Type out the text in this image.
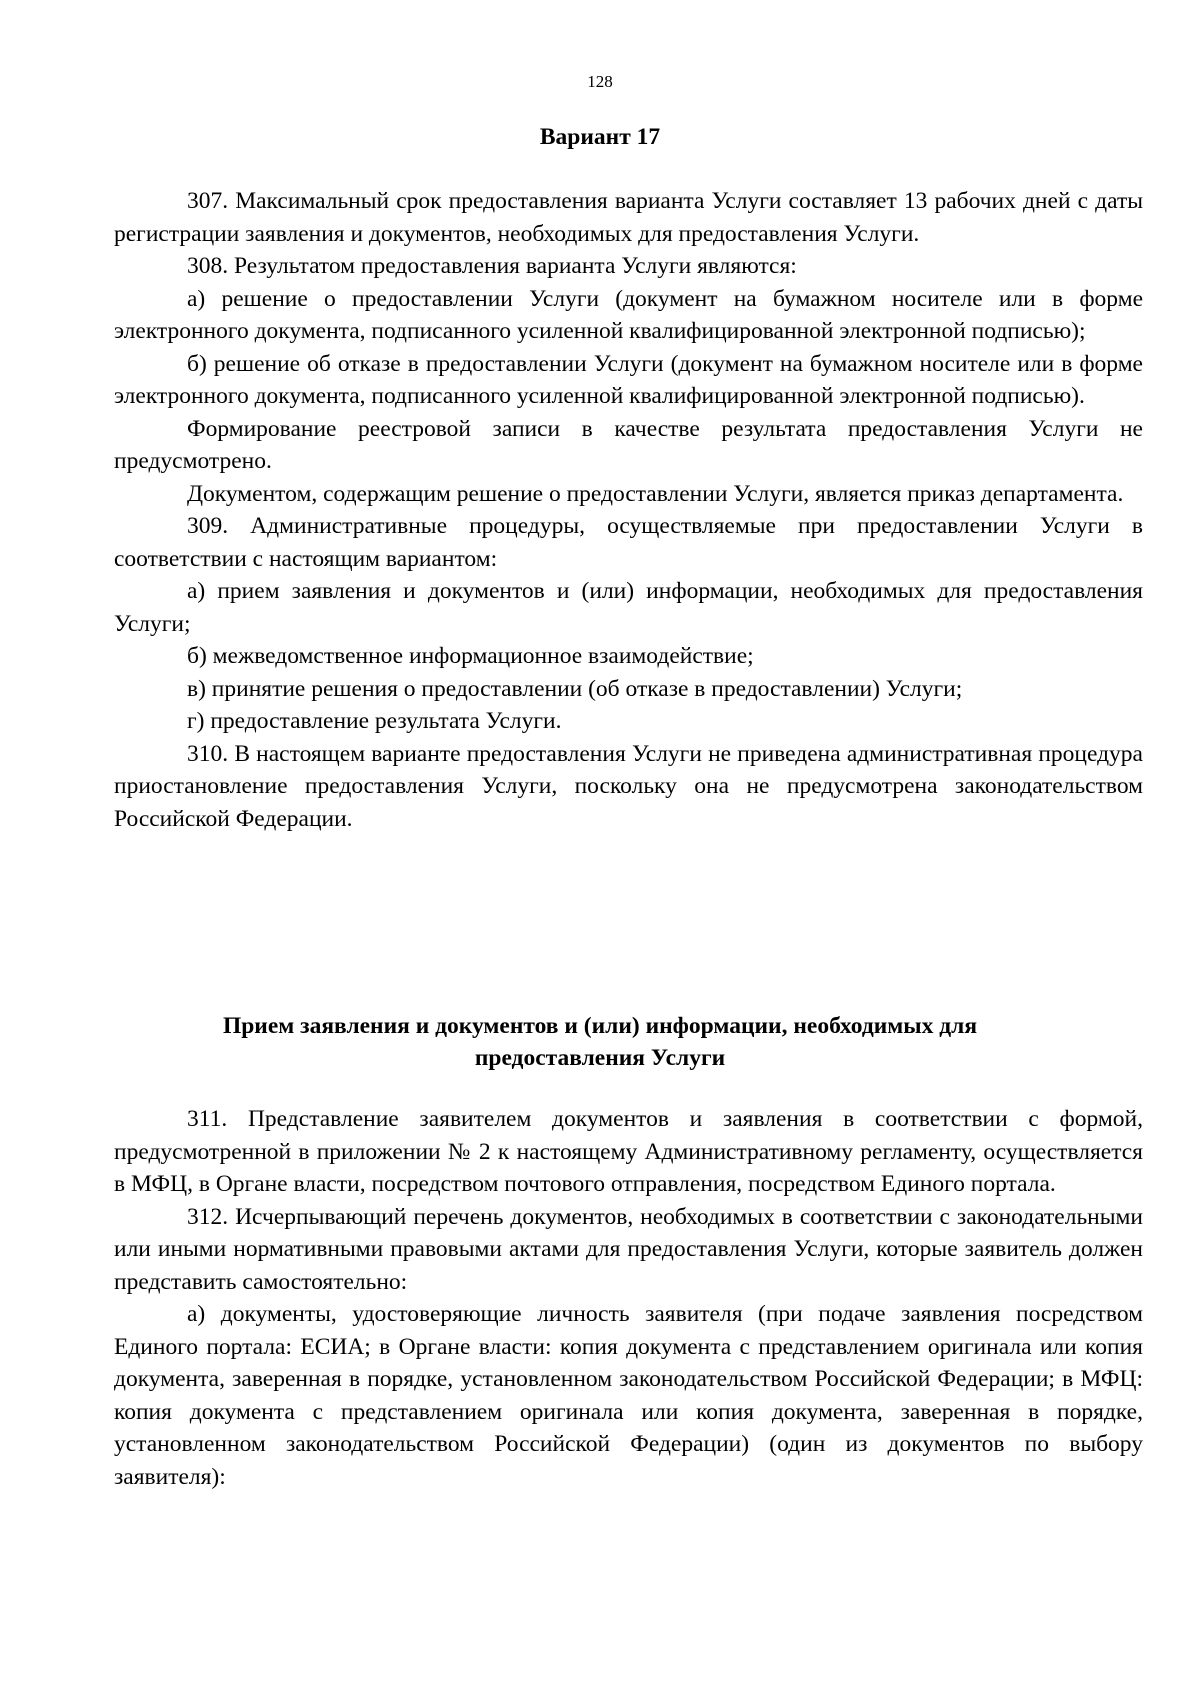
128
Вариант 17

307. Максимальный срок предоставления варианта Услуги составляет 13 рабочих дней с даты регистрации заявления и документов, необходимых для предоставления Услуги.

308. Результатом предоставления варианта Услуги являются:

а) решение о предоставлении Услуги (документ на бумажном носителе или в форме электронного документа, подписанного усиленной квалифицированной электронной подписью);

б) решение об отказе в предоставлении Услуги (документ на бумажном носителе или в форме электронного документа, подписанного усиленной квалифицированной электронной подписью).

Формирование реестровой записи в качестве результата предоставления Услуги не предусмотрено.

Документом, содержащим решение о предоставлении Услуги, является приказ департамента.

309. Административные процедуры, осуществляемые при предоставлении Услуги в соответствии с настоящим вариантом:

а) прием заявления и документов и (или) информации, необходимых для предоставления Услуги;

б) межведомственное информационное взаимодействие;

в) принятие решения о предоставлении (об отказе в предоставлении) Услуги;

г) предоставление результата Услуги.

310. В настоящем варианте предоставления Услуги не приведена административная процедура приостановление предоставления Услуги, поскольку она не предусмотрена законодательством Российской Федерации.

Прием заявления и документов и (или) информации, необходимых для
предоставления Услуги

311. Представление заявителем документов и заявления в соответствии с формой, предусмотренной в приложении № 2 к настоящему Административному регламенту, осуществляется в МФЦ, в Органе власти, посредством почтового отправления, посредством Единого портала.

312. Исчерпывающий перечень документов, необходимых в соответствии с законодательными или иными нормативными правовыми актами для предоставления Услуги, которые заявитель должен представить самостоятельно:

а) документы, удостоверяющие личность заявителя (при подаче заявления посредством Единого портала: ЕСИА; в Органе власти: копия документа с представлением оригинала или копия документа, заверенная в порядке, установленном законодательством Российской Федерации; в МФЦ: копия документа с представлением оригинала или копия документа, заверенная в порядке, установленном законодательством Российской Федерации) (один из документов по выбору заявителя):
